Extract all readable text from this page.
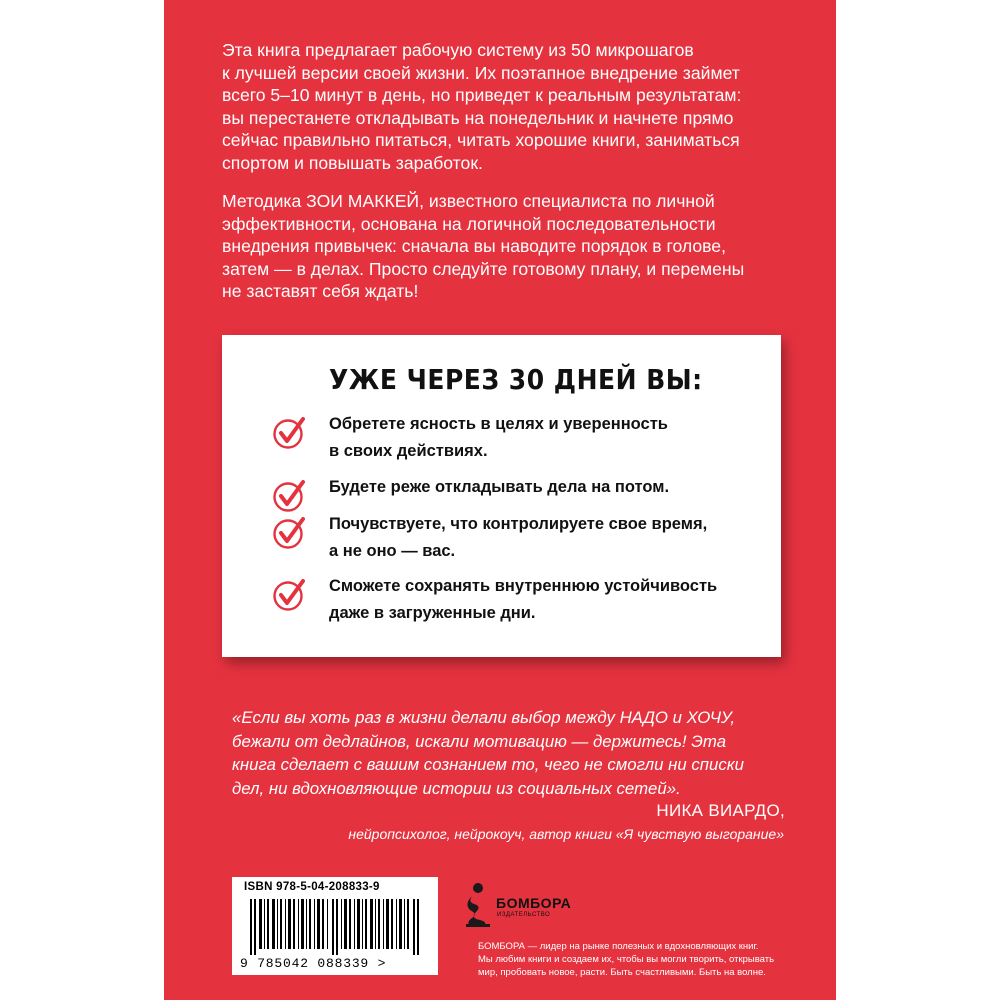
Эта книга предлагает рабочую систему из 50 микрошагов
к лучшей версии своей жизни. Их поэтапное внедрение займет
всего 5–10 минут в день, но приведет к реальным результатам:
вы перестанете откладывать на понедельник и начнете прямо
сейчас правильно питаться, читать хорошие книги, заниматься
спортом и повышать заработок.
Методика ЗОИ МАККЕЙ, известного специалиста по личной
эффективности, основана на логичной последовательности
внедрения привычек: сначала вы наводите порядок в голове,
затем — в делах. Просто следуйте готовому плану, и перемены
не заставят себя ждать!
УЖЕ ЧЕРЕЗ 30 ДНЕЙ ВЫ:
Обретете ясность в целях и уверенность
в своих действиях.
Будете реже откладывать дела на потом.
Почувствуете, что контролируете свое время,
а не оно — вас.
Сможете сохранять внутреннюю устойчивость
даже в загруженные дни.
«Если вы хоть раз в жизни делали выбор между НАДО и ХОЧУ,
бежали от дедлайнов, искали мотивацию — держитесь! Эта
книга сделает с вашим сознанием то, чего не смогли ни списки
дел, ни вдохновляющие истории из социальных сетей».
НИКА ВИАРДО,
нейропсихолог, нейрокоуч, автор книги «Я чувствую выгорание»
ISBN 978-5-04-208833-9
9 785042 088339 >
БОМБОРА
ИЗДАТЕЛЬСТВО
БОМБОРА — лидер на рынке полезных и вдохновляющих книг.
Мы любим книги и создаем их, чтобы вы могли творить, открывать
мир, пробовать новое, расти. Быть счастливыми. Быть на волне.
